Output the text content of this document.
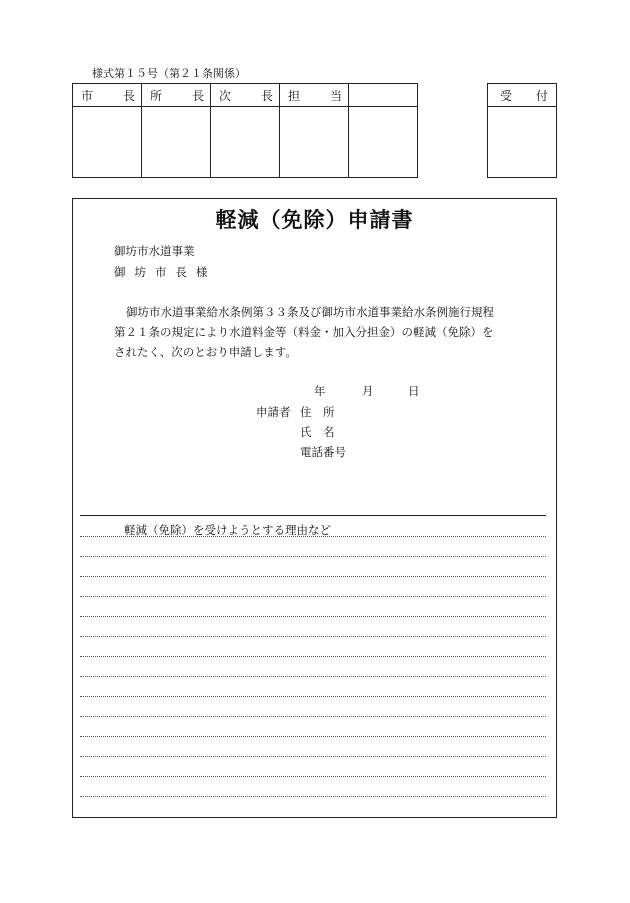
様式第１５号（第２１条関係）
市 長	所 長	次 長	担 当	

					受 付

軽減（免除）申請書
御坊市水道事業
御坊市長様

御坊市水道事業給水条例第３３条及び御坊市水道事業給水条例施行規程

第２１条の規定により水道料金等（料金・加入分担金）の軽減（免除）を

されたく、次のとおり申請します。

年	月	日
申請者 住　所
氏　名
電話番号
軽減（免除）を受けようとする理由など
